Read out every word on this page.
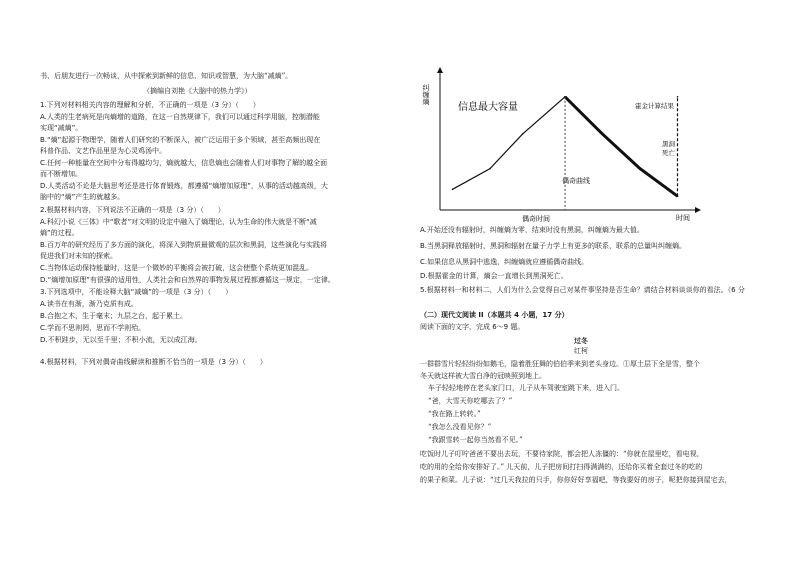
书、后朋友进行一次畅谈，从中探索到新鲜的信息、知识或智慧，为大脑“减熵”。
（摘编自刘艳《大脑中的热力学》）
1.下列对材料相关内容的理解和分析，不正确的一项是（3 分）（　　）
A.人类的生老病死是向熵增的道路，在这一自然规律下，我们可以通过科学用脑，控制潜能
实现“减熵”。
B.“熵”起源于物理学，随着人们研究的不断深入，被广泛运用于多个领域，甚至高频出现在
科普作品、文艺作品里是为心灵鸡汤中。
C.任何一种能量在空间中分布得越均匀，熵就越大，信息熵也会随着人们对事物了解的越全面
而不断增加。
D.人类活动不论是大脑思考还是进行体育锻炼，都遵循“熵增加原理”，从事的活动越高级，大
脑中的“熵”产生的就越多。
2.根据材料内容，下列说法不正确的一项是（3 分）（　　）
A.科幻小说《三体》中“歌者”对文明的设定中融入了熵理论，认为生命的伟大就是不断“减
熵”的过程。
B.百万年的研究经历了多方面的演化，将深入到物质最微观的层次和黑洞，这些演化与实践将
促进我们对未知的探索。
C.当物体运动保持能量时，这是一个微妙的平衡将会被打破，这会使整个系统更加混乱。
D.“熵增加原理”有很强的适用性，人类社会和自然界的事物发展过程都遵循这一规定，一定律。
3.下列选项中，不能诠释大脑“减熵”的一项是（3 分）（　　）
A.读书在有渐，渐乃克质有成。
B.合抱之木，生于毫末；九层之台，起于累土。
C.学而不思则罔，思而不学则殆。
D.不积跬步，无以至千里；不积小流，无以成江海。
4.根据材料，下列对偶奇曲线解读和推断不恰当的一项是（3 分）（　　）
纠缠熵
时间
信息最大容量	霍金计算结果
偶奇曲线
偶奇时间
黑洞
死亡
A.开始还没有辐射时，纠缠熵为零，结束时没有黑洞，纠缠熵为最大值。
B.当黑洞释放辐射时，黑洞和辐射在量子力学上有更多的联系，联系的总量叫纠缠熵。
C.如果信息从黑洞中逃逸，纠缠熵就应遵循偶奇曲线。
D.根据霍金的计算，熵会一直增长到黑洞死亡。
5.根据材料一和材料二，人们为什么会觉得自己对某件事坚持是否生命？请结合材料谈谈你的看法。（6 分
（二）现代文阅读 II（本题共 4 小题，17 分）
阅读下面的文字，完成 6～9 题。
过冬
红柯
一群群雪片轻轻纷纷如鹅毛，隐着胜狂舞的伯伯季来到老头身边。①厚土层下全是雪，整个
冬天就这样被大雪白净的冠映照到地上。
车子轻轻地停在老头家门口，儿子从车驾驶室跳下来，进入门。
“爸，大雪天你吃哪去了？”
“我在路上转转。”
“我怎么没看见你？”
“我跟雪转一起你当然看不见。”
吃饭时儿子叮咛爸爸不要出去玩，不要待家院，都会把人冻僵的：“你就在屋里吃，看电视，
吃的用的全给你安排好了。” 儿天前，儿子把房间打扫得满满的，还给你买着全套过冬的吃的
的果子和菜。儿子说：“过几天我拉的只手，你你好好享福吧，等我要好的房子，呢把你接到屋宅去，
